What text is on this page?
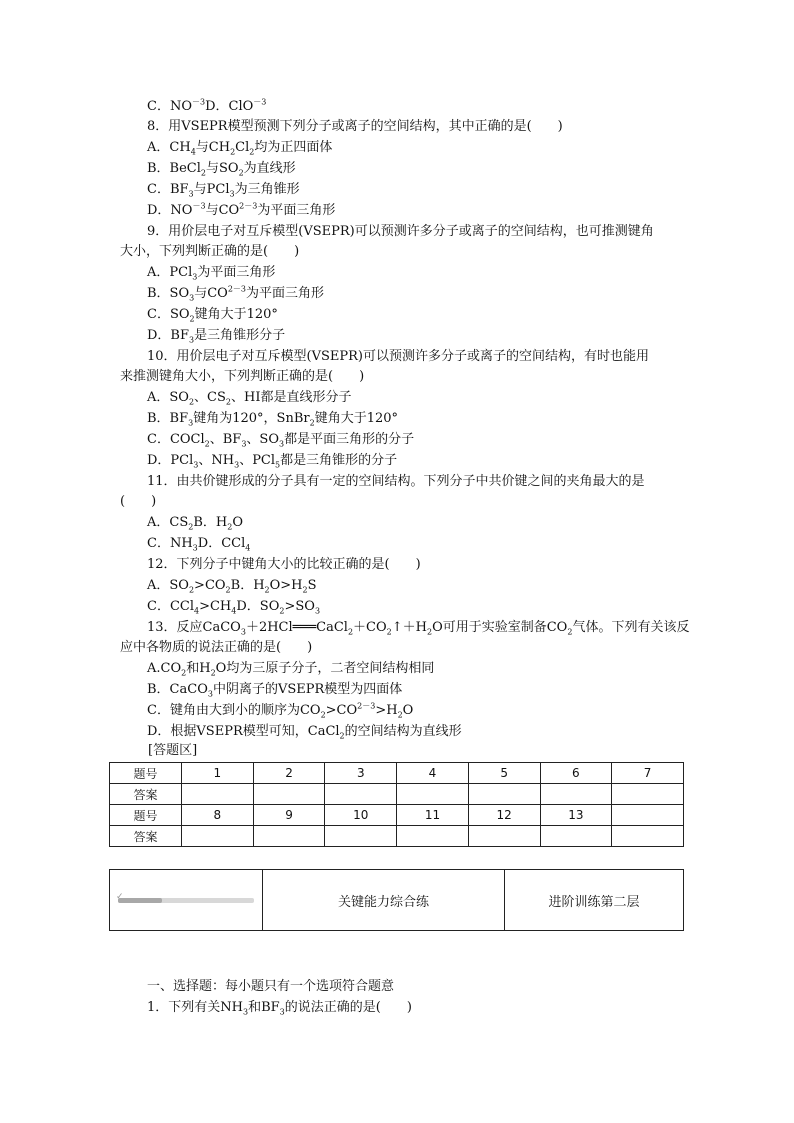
C．$NO^{-3}D$．ClO$^{-3}$
8．用VSEPR模型预测下列分子或离子的空间结构，其中正确的是(　　)
A．$CH_4$与$CH_2Cl_2$均为正四面体
B．BeCl$_2$与$SO_2$为直线形
C．$BF_3$与PCl$_3$为三角锥形
D．$NO^{-3}$与$CO^{2-3}$为平面三角形
9．用价层电子对互斥模型(VSEPR)可以预测许多分子或离子的空间结构，也可推测键角
大小，下列判断正确的是(　　)
A．PCl$_3$为平面三角形
B．$SO_3$与$CO^{2-3}$为平面三角形
C．$SO_2$键角大于120°
D．$BF_3$是三角锥形分子
10．用价层电子对互斥模型(VSEPR)可以预测许多分子或离子的空间结构，有时也能用
来推测键角大小，下列判断正确的是(　　)
A．$SO_2$、$CS_2$、HI都是直线形分子
B．$BF_3$键角为120°，SnBr$_2$键角大于120°
C．COCl$_2$、$BF_3$、$SO_3$都是平面三角形的分子
D．PCl$_3$、$NH_3$、PCl$_5$都是三角锥形的分子
11．由共价键形成的分子具有一定的空间结构。下列分子中共价键之间的夹角最大的是
(　　)
A．$CS_2B$．$H_2O$
C．$NH_3D$．CCl$_4$
12．下列分子中键角大小的比较正确的是(　　)
A．$SO_2>CO_2B$．$H_2O>H_2S$
C．$CCl_4>CH_4D$．$SO_2>SO_3$
13．反应$CaCO_3+2HCl═══CaCl_2+CO_2↑+H_2O$可用于实验室制备$CO_2$气体。下列有关该反
应中各物质的说法正确的是(　　)
$A.CO_2$和$H_2O$均为三原子分子，二者空间结构相同
B．CaCO$_3$中阴离子的VSEPR模型为四面体
C．键角由大到小的顺序为$CO_2>CO^{2-3}>H_2O$
D．根据VSEPR模型可知，CaCl$_2$的空间结构为直线形
[答题区]
题号	1	2	3	4	5	6	7
答案							
题号	8	9	10	11	12	13	
答案							
✓	关键能力综合练	进阶训练第二层
一、选择题：每小题只有一个选项符合题意
1．下列有关$NH_3$和$BF_3$的说法正确的是(　　)
